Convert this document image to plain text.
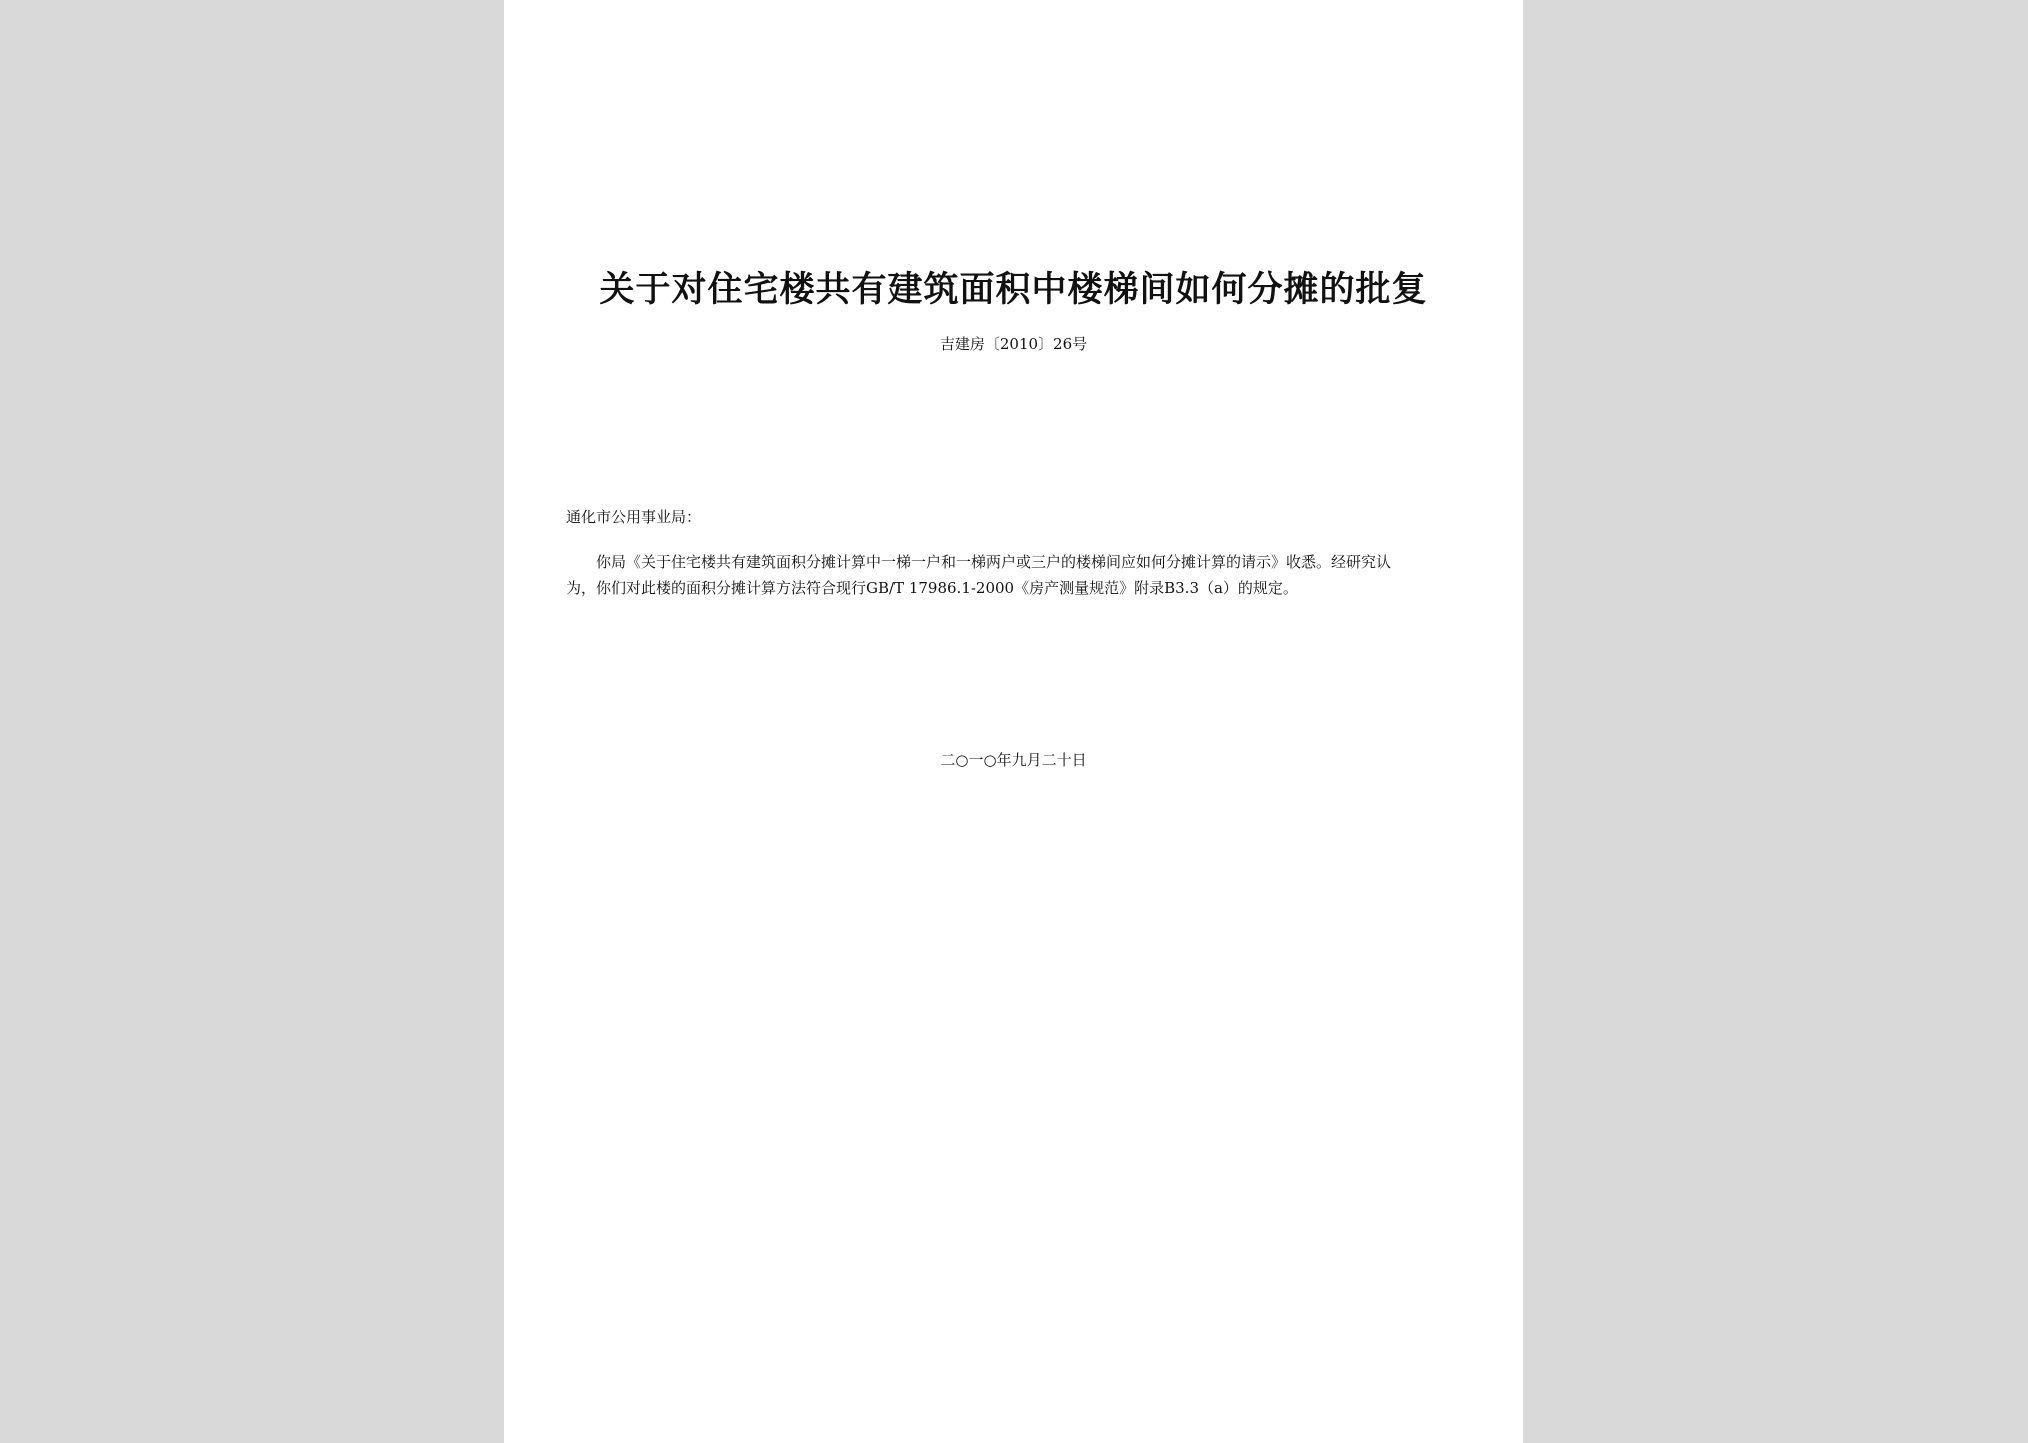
关于对住宅楼共有建筑面积中楼梯间如何分摊的批复
吉建房〔2010〕26号
通化市公用事业局：
　　你局《关于住宅楼共有建筑面积分摊计算中一梯一户和一梯两户或三户的楼梯间应如何分摊计算的请示》收悉。经研究认
为，你们对此楼的面积分摊计算方法符合现行GB/T 17986.1-2000《房产测量规范》附录B3.3（a）的规定。
二○一○年九月二十日
